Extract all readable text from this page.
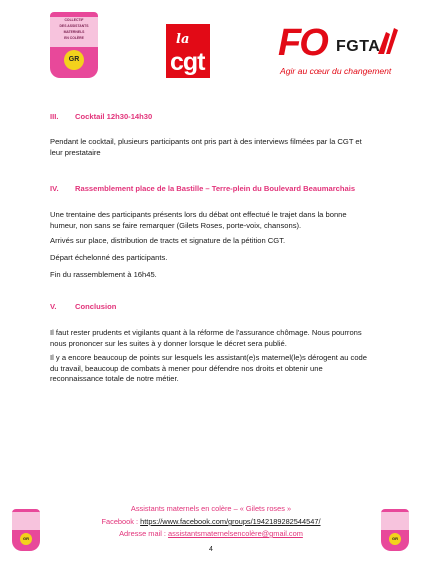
COLLECTIF
DES ASSISTANTS
MATERNELS
EN COLÈRE
GR
la
cgt FO FGTA
Agir au cœur du changement
III. Cocktail 12h30-14h30
Pendant le cocktail, plusieurs participants ont pris part à des interviews filmées par la CGT et leur prestataire
IV. Rassemblement place de la Bastille – Terre-plein du Boulevard Beaumarchais
Une trentaine des participants présents lors du débat ont effectué le trajet dans la bonne humeur, non sans se faire remarquer (Gilets Roses, porte-voix, chansons).
Arrivés sur place, distribution de tracts et signature de la pétition CGT.
Départ échelonné des participants.
Fin du rassemblement à 16h45.
V. Conclusion
Il faut rester prudents et vigilants quant à la réforme de l'assurance chômage. Nous pourrons nous prononcer sur les suites à y donner lorsque le décret sera publié.
Il y a encore beaucoup de points sur lesquels les assistant(e)s maternel(le)s dérogent au code du travail, beaucoup de combats à mener pour défendre nos droits et obtenir une reconnaissance totale de notre métier.
GR	GR
Assistants maternels en colère – « Gilets roses »
Facebook : https://www.facebook.com/groups/1942189282544547/
Adresse mail : assistantsmaternelsencolère@gmail.com
4
